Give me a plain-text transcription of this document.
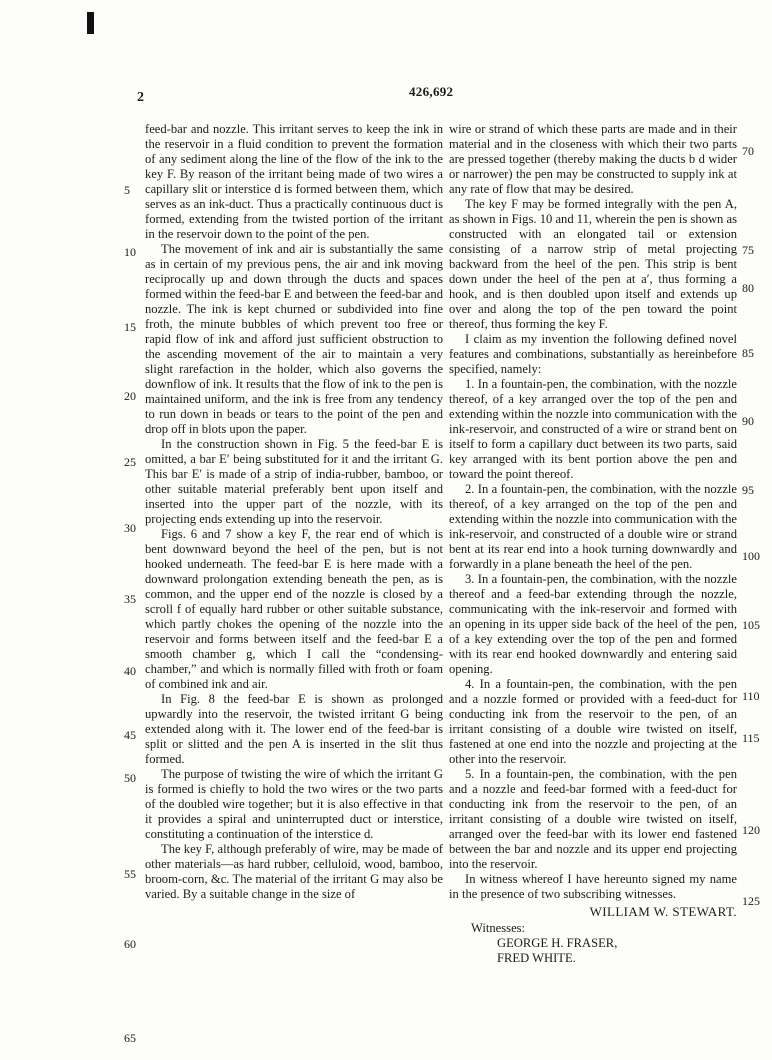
2	426,692

feed-bar and nozzle. This irritant serves to keep the ink in the reservoir in a fluid condition to prevent the formation of any sediment along the line of the flow of the ink to the key F. By reason of the irritant being made of two wires a capillary slit or interstice d is formed between them, which serves as an ink-duct. Thus a practically continuous duct is formed, extending from the twisted portion of the irritant in the reservoir down to the point of the pen.

The movement of ink and air is substantially the same as in certain of my previous pens, the air and ink moving reciprocally up and down through the ducts and spaces formed within the feed-bar E and between the feed-bar and nozzle. The ink is kept churned or subdivided into fine froth, the minute bubbles of which prevent too free or rapid flow of ink and afford just sufficient obstruction to the ascending movement of the air to maintain a very slight rarefaction in the holder, which also governs the downflow of ink. It results that the flow of ink to the pen is maintained uniform, and the ink is free from any tendency to run down in beads or tears to the point of the pen and drop off in blots upon the paper.

In the construction shown in Fig. 5 the feed-bar E is omitted, a bar E′ being substituted for it and the irritant G. This bar E′ is made of a strip of india-rubber, bamboo, or other suitable material preferably bent upon itself and inserted into the upper part of the nozzle, with its projecting ends extending up into the reservoir.

Figs. 6 and 7 show a key F, the rear end of which is bent downward beyond the heel of the pen, but is not hooked underneath. The feed-bar E is here made with a downward prolongation extending beneath the pen, as is common, and the upper end of the nozzle is closed by a scroll f of equally hard rubber or other suitable substance, which partly chokes the opening of the nozzle into the reservoir and forms between itself and the feed-bar E a smooth chamber g, which I call the “condensing-chamber,” and which is normally filled with froth or foam of combined ink and air.

In Fig. 8 the feed-bar E is shown as prolonged upwardly into the reservoir, the twisted irritant G being extended along with it. The lower end of the feed-bar is split or slitted and the pen A is inserted in the slit thus formed.

The purpose of twisting the wire of which the irritant G is formed is chiefly to hold the two wires or the two parts of the doubled wire together; but it is also effective in that it provides a spiral and uninterrupted duct or interstice, constituting a continuation of the interstice d.

The key F, although preferably of wire, may be made of other materials—as hard rubber, celluloid, wood, bamboo, broom-corn, &c. The material of the irritant G may also be varied. By a suitable change in the size of

wire or strand of which these parts are made and in their material and in the closeness with which their two parts are pressed together (thereby making the ducts b d wider or narrower) the pen may be constructed to supply ink at any rate of flow that may be desired.

The key F may be formed integrally with the pen A, as shown in Figs. 10 and 11, wherein the pen is shown as constructed with an elongated tail or extension consisting of a narrow strip of metal projecting backward from the heel of the pen. This strip is bent down under the heel of the pen at a′, thus forming a hook, and is then doubled upon itself and extends up over and along the top of the pen toward the point thereof, thus forming the key F.

I claim as my invention the following defined novel features and combinations, substantially as hereinbefore specified, namely:

1. In a fountain-pen, the combination, with the nozzle thereof, of a key arranged over the top of the pen and extending within the nozzle into communication with the ink-reservoir, and constructed of a wire or strand bent on itself to form a capillary duct between its two parts, said key arranged with its bent portion above the pen and toward the point thereof.

2. In a fountain-pen, the combination, with the nozzle thereof, of a key arranged on the top of the pen and extending within the nozzle into communication with the ink-reservoir, and constructed of a double wire or strand bent at its rear end into a hook turning downwardly and forwardly in a plane beneath the heel of the pen.

3. In a fountain-pen, the combination, with the nozzle thereof and a feed-bar extending through the nozzle, communicating with the ink-reservoir and formed with an opening in its upper side back of the heel of the pen, of a key extending over the top of the pen and formed with its rear end hooked downwardly and entering said opening.

4. In a fountain-pen, the combination, with the pen and a nozzle formed or provided with a feed-duct for conducting ink from the reservoir to the pen, of an irritant consisting of a double wire twisted on itself, fastened at one end into the nozzle and projecting at the other into the reservoir.

5. In a fountain-pen, the combination, with the pen and a nozzle and feed-bar formed with a feed-duct for conducting ink from the reservoir to the pen, of an irritant consisting of a double wire twisted on itself, arranged over the feed-bar with its lower end fastened between the bar and nozzle and its upper end projecting into the reservoir.

In witness whereof I have hereunto signed my name in the presence of two subscribing witnesses.

WILLIAM W. STEWART.

Witnesses:

GEORGE H. FRASER,

FRED WHITE.

5
10
15
20
25
30
35
40
45
50
55
60
65
70
75
80
85
90
95
100
105
110
115
120
125
